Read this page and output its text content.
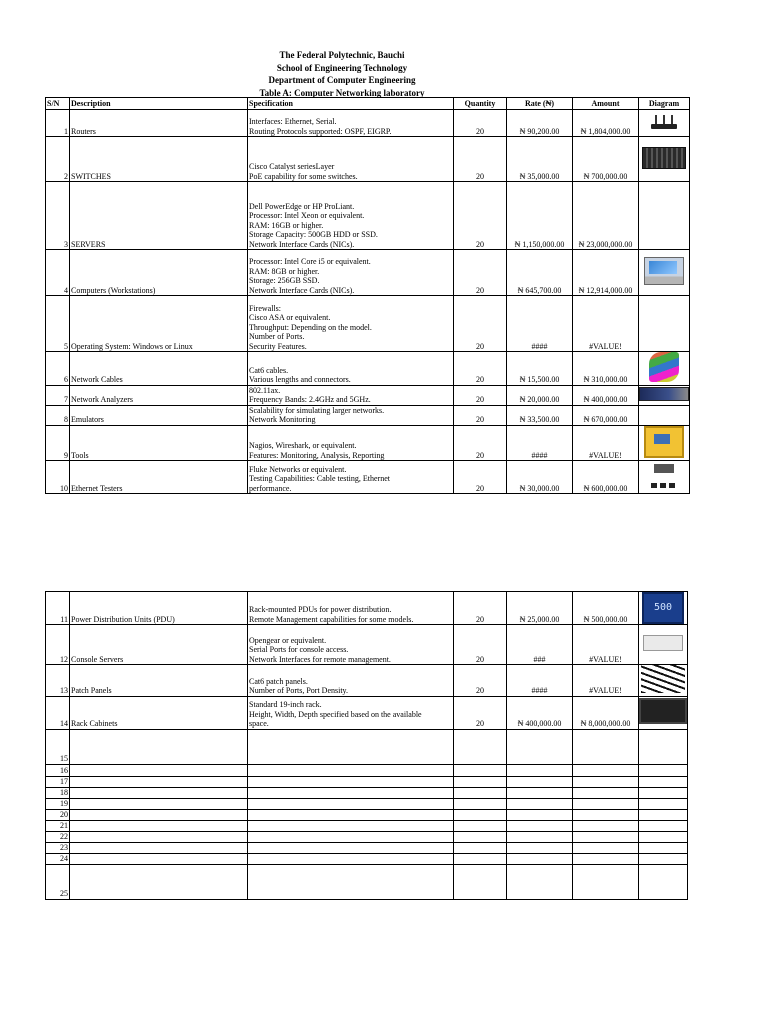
The Federal Polytechnic, Bauchi
School of Engineering Technology
Department of Computer Engineering
Table A: Computer Networking laboratory
S/N	Description	Specification	Quantity	Rate (₦)	Amount	Diagram
1	Routers	Interfaces: Ethernet, Serial.
Routing Protocols supported: OSPF, EIGRP.	20	₦ 90,200.00	₦ 1,804,000.00	
2	SWITCHES	Cisco Catalyst seriesLayer
PoE capability for some switches.	20	₦ 35,000.00	₦ 700,000.00	
3	SERVERS	Dell PowerEdge or HP ProLiant.
Processor: Intel Xeon or equivalent.
RAM: 16GB or higher.
Storage Capacity: 500GB HDD or SSD.
Network Interface Cards (NICs).	20	₦ 1,150,000.00	₦ 23,000,000.00	
4	Computers (Workstations)	Processor: Intel Core i5 or equivalent.
RAM: 8GB or higher.
Storage: 256GB SSD.
Network Interface Cards (NICs).	20	₦ 645,700.00	₦ 12,914,000.00	
5	Operating System: Windows or Linux	Firewalls:
Cisco ASA or equivalent.
Throughput: Depending on the model.
Number of Ports.
Security Features.	20	####	#VALUE!	
6	Network Cables	Cat6 cables.
Various lengths and connectors.	20	₦ 15,500.00	₦ 310,000.00	
7	Network Analyzers	802.11ax.
Frequency Bands: 2.4GHz and 5GHz.	20	₦ 20,000.00	₦ 400,000.00	
8	Emulators	Scalability for simulating larger networks.
Network Monitoring	20	₦ 33,500.00	₦ 670,000.00	
9	Tools	Nagios, Wireshark, or equivalent.
Features: Monitoring, Analysis, Reporting	20	####	#VALUE!	
10	Ethernet Testers	Fluke Networks or equivalent.
Testing Capabilities: Cable testing, Ethernet
performance.	20	₦ 30,000.00	₦ 600,000.00	
11	Power Distribution Units (PDU)	Rack-mounted PDUs for power distribution.
Remote Management capabilities for some models.	20	₦ 25,000.00	₦ 500,000.00	500
12	Console Servers	Opengear or equivalent.
Serial Ports for console access.
Network Interfaces for remote management.	20	###	#VALUE!	
13	Patch Panels	Cat6 patch panels.
Number of Ports, Port Density.	20	####	#VALUE!	
14	Rack Cabinets	Standard 19-inch rack.
Height, Width, Depth specified based on the available
space.	20	₦ 400,000.00	₦ 8,000,000.00	
15						
16						
17						
18						
19						
20						
21						
22						
23						
24						
25						
